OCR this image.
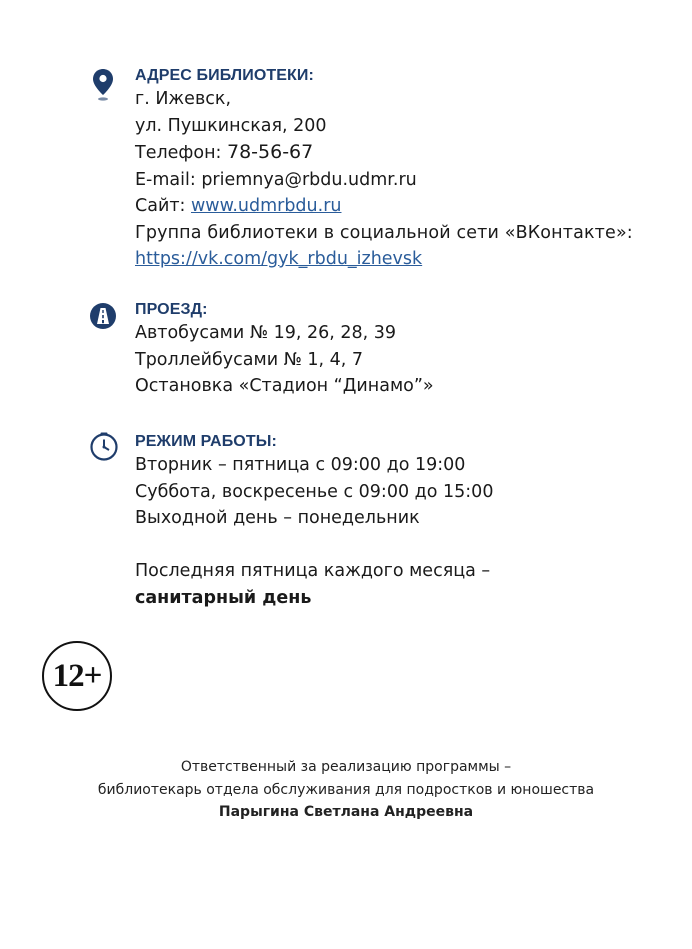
АДРЕС БИБЛИОТЕКИ:
г. Ижевск,
ул. Пушкинская, 200
Телефон: 78-56-67
E-mail: priemnya@rbdu.udmr.ru
Сайт: www.udmrbdu.ru
Группа библиотеки в социальной сети «ВКонтакте»:
https://vk.com/gyk_rbdu_izhevsk
ПРОЕЗД:
Автобусами № 19, 26, 28, 39
Троллейбусами № 1, 4, 7
Остановка «Стадион “Динамо”»
РЕЖИМ РАБОТЫ:
Вторник – пятница с 09:00 до 19:00
Суббота, воскресенье с 09:00 до 15:00
Выходной день – понедельник

Последняя пятница каждого месяца –
санитарный день
12+
Ответственный за реализацию программы –
библиотекарь отдела обслуживания для подростков и юношества
Парыгина Светлана Андреевна
